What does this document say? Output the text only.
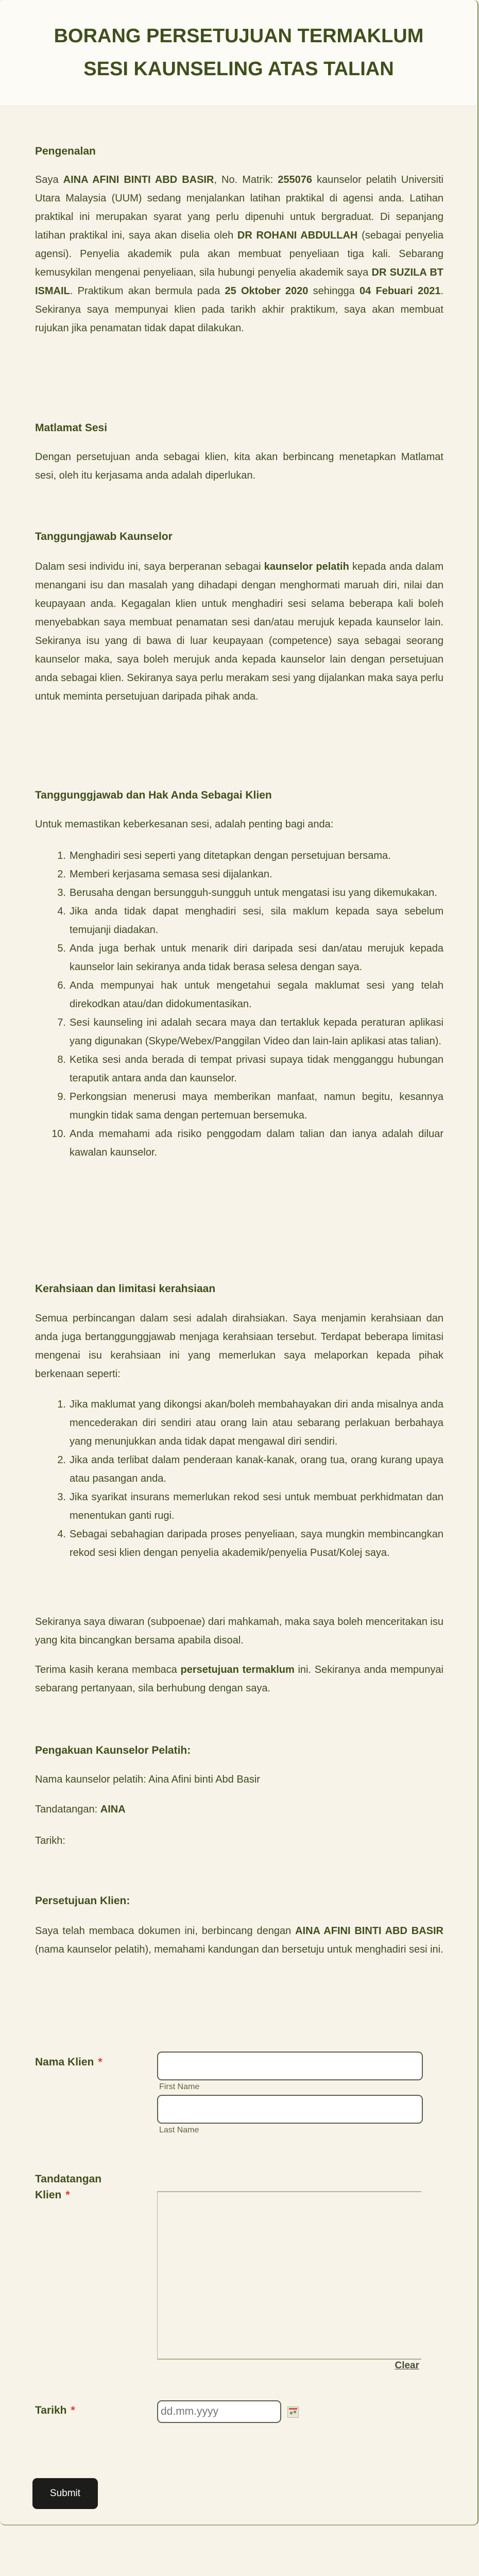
BORANG PERSETUJUAN TERMAKLUM
SESI KAUNSELING ATAS TALIAN
Pengenalan
Saya AINA AFINI BINTI ABD BASIR, No. Matrik: 255076 kaunselor pelatih Universiti Utara Malaysia (UUM) sedang menjalankan latihan praktikal di agensi anda. Latihan praktikal ini merupakan syarat yang perlu dipenuhi untuk bergraduat. Di sepanjang latihan praktikal ini, saya akan diselia oleh DR ROHANI ABDULLAH (sebagai penyelia agensi). Penyelia akademik pula akan membuat penyeliaan tiga kali. Sebarang kemusykilan mengenai penyeliaan, sila hubungi penyelia akademik saya DR SUZILA BT ISMAIL. Praktikum akan bermula pada 25 Oktober 2020 sehingga 04 Febuari 2021. Sekiranya saya mempunyai klien pada tarikh akhir praktikum, saya akan membuat rujukan jika penamatan tidak dapat dilakukan.
Matlamat Sesi
Dengan persetujuan anda sebagai klien, kita akan berbincang menetapkan Matlamat sesi, oleh itu kerjasama anda adalah diperlukan.
Tanggungjawab Kaunselor
Dalam sesi individu ini, saya berperanan sebagai kaunselor pelatih kepada anda dalam menangani isu dan masalah yang dihadapi dengan menghormati maruah diri, nilai dan keupayaan anda. Kegagalan klien untuk menghadiri sesi selama beberapa kali boleh menyebabkan saya membuat penamatan sesi dan/atau merujuk kepada kaunselor lain. Sekiranya isu yang di bawa di luar keupayaan (competence) saya sebagai seorang kaunselor maka, saya boleh merujuk anda kepada kaunselor lain dengan persetujuan anda sebagai klien. Sekiranya saya perlu merakam sesi yang dijalankan maka saya perlu untuk meminta persetujuan daripada pihak anda.
Tanggunggjawab dan Hak Anda Sebagai Klien
Untuk memastikan keberkesanan sesi, adalah penting bagi anda:
1. Menghadiri sesi seperti yang ditetapkan dengan persetujuan bersama.
2. Memberi kerjasama semasa sesi dijalankan.
3. Berusaha dengan bersungguh-sungguh untuk mengatasi isu yang dikemukakan.
4. Jika anda tidak dapat menghadiri sesi, sila maklum kepada saya sebelum temujanji diadakan.
5. Anda juga berhak untuk menarik diri daripada sesi dan/atau merujuk kepada kaunselor lain sekiranya anda tidak berasa selesa dengan saya.
6. Anda mempunyai hak untuk mengetahui segala maklumat sesi yang telah direkodkan atau/dan didokumentasikan.
7. Sesi kaunseling ini adalah secara maya dan tertakluk kepada peraturan aplikasi yang digunakan (Skype/Webex/Panggilan Video dan lain-lain aplikasi atas talian).
8. Ketika sesi anda berada di tempat privasi supaya tidak mengganggu hubungan teraputik antara anda dan kaunselor.
9. Perkongsian menerusi maya memberikan manfaat, namun begitu, kesannya mungkin tidak sama dengan pertemuan bersemuka.
10. Anda memahami ada risiko penggodam dalam talian dan ianya adalah diluar kawalan kaunselor.
Kerahsiaan dan limitasi kerahsiaan
Semua perbincangan dalam sesi adalah dirahsiakan. Saya menjamin kerahsiaan dan anda juga bertanggunggjawab menjaga kerahsiaan tersebut. Terdapat beberapa limitasi mengenai isu kerahsiaan ini yang memerlukan saya melaporkan kepada pihak berkenaan seperti:
1. Jika maklumat yang dikongsi akan/boleh membahayakan diri anda misalnya anda mencederakan diri sendiri atau orang lain atau sebarang perlakuan berbahaya yang menunjukkan anda tidak dapat mengawal diri sendiri.
2. Jika anda terlibat dalam penderaan kanak-kanak, orang tua, orang kurang upaya atau pasangan anda.
3. Jika syarikat insurans memerlukan rekod sesi untuk membuat perkhidmatan dan menentukan ganti rugi.
4. Sebagai sebahagian daripada proses penyeliaan, saya mungkin membincangkan rekod sesi klien dengan penyelia akademik/penyelia Pusat/Kolej saya.
Sekiranya saya diwaran (subpoenae) dari mahkamah, maka saya boleh menceritakan isu yang kita bincangkan bersama apabila disoal.
Terima kasih kerana membaca persetujuan termaklum ini. Sekiranya anda mempunyai sebarang pertanyaan, sila berhubung dengan saya.
Pengakuan Kaunselor Pelatih:
Nama kaunselor pelatih: Aina Afini binti Abd Basir
Tandatangan: AINA
Tarikh:
Persetujuan Klien:
Saya telah membaca dokumen ini, berbincang dengan AINA AFINI BINTI ABD BASIR (nama kaunselor pelatih), memahami kandungan dan bersetuju untuk menghadiri sesi ini.
Nama Klien *
First Name
Last Name
Tandatangan
Klien *
Clear
Tarikh *
dd.mm.yyyy
Submit
